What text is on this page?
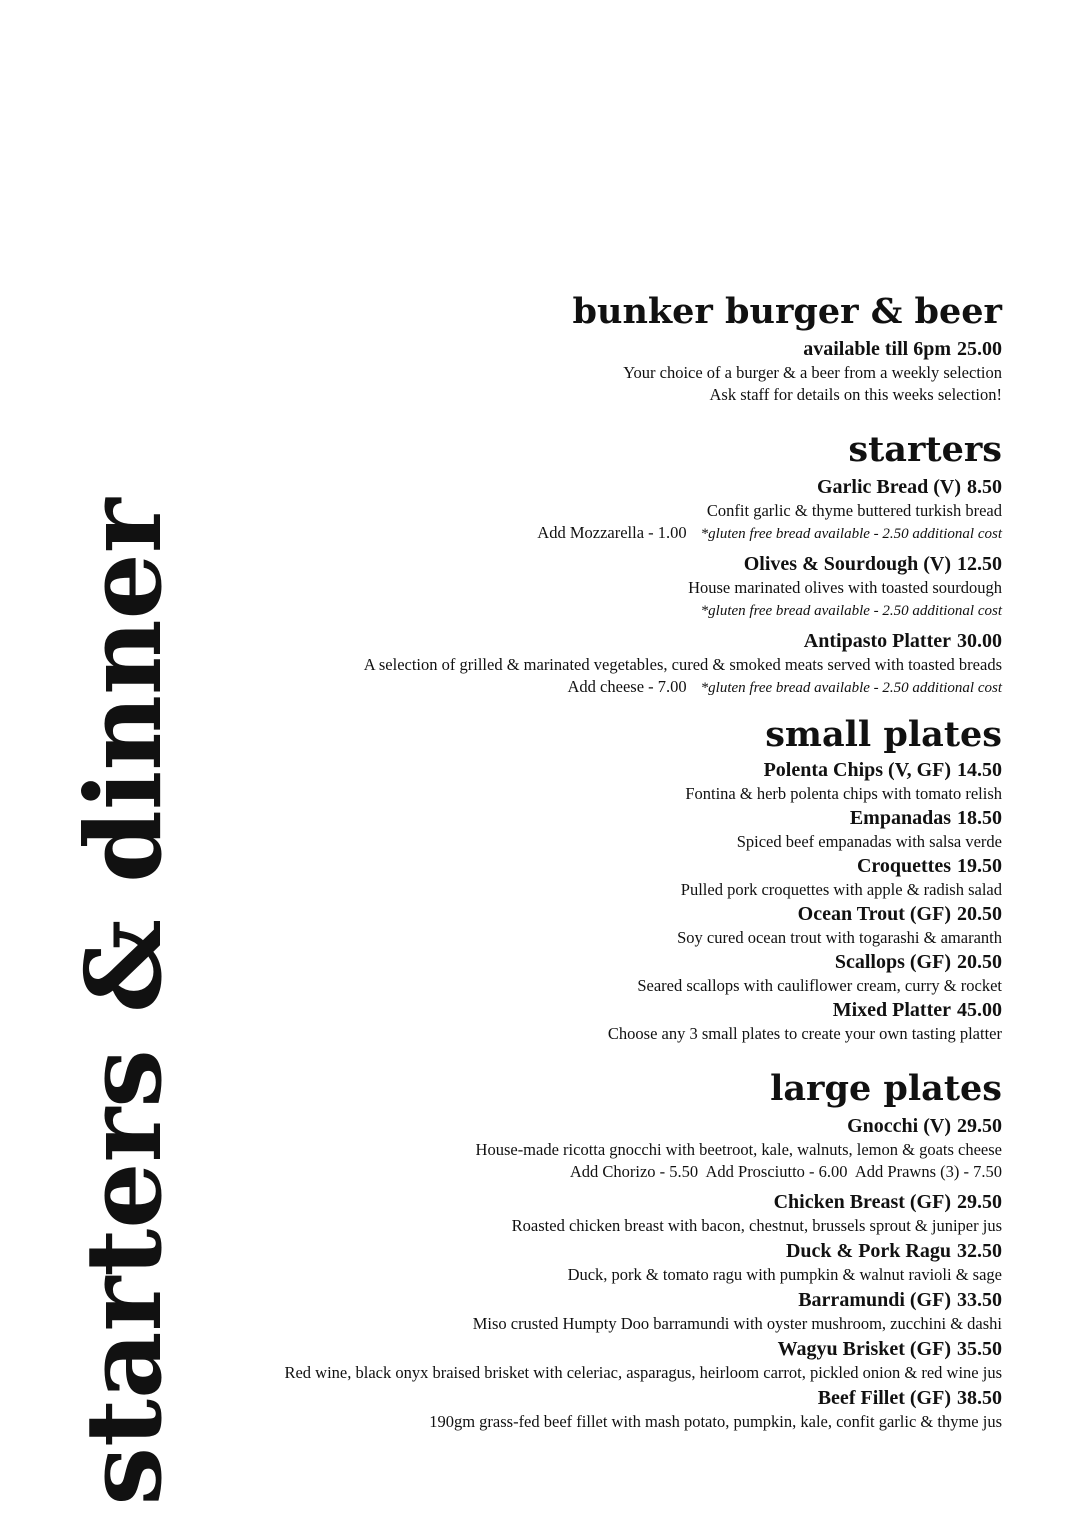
starters & dinner
bunker burger & beer
available till 6pm 25.00
Your choice of a burger & a beer from a weekly selection
Ask staff for details on this weeks selection!
starters
Garlic Bread (V) 8.50
Confit garlic & thyme buttered turkish bread
Add Mozzarella - 1.00 *gluten free bread available - 2.50 additional cost
Olives & Sourdough (V) 12.50
House marinated olives with toasted sourdough
*gluten free bread available - 2.50 additional cost
Antipasto Platter 30.00
A selection of grilled & marinated vegetables, cured & smoked meats served with toasted breads
Add cheese - 7.00 *gluten free bread available - 2.50 additional cost
small plates
Polenta Chips (V, GF) 14.50
Fontina & herb polenta chips with tomato relish
Empanadas 18.50
Spiced beef empanadas with salsa verde
Croquettes 19.50
Pulled pork croquettes with apple & radish salad
Ocean Trout (GF) 20.50
Soy cured ocean trout with togarashi & amaranth
Scallops (GF) 20.50
Seared scallops with cauliflower cream, curry & rocket
Mixed Platter 45.00
Choose any 3 small plates to create your own tasting platter
large plates
Gnocchi (V) 29.50
House-made ricotta gnocchi with beetroot, kale, walnuts, lemon & goats cheese
Add Chorizo - 5.50  Add Prosciutto - 6.00  Add Prawns (3) - 7.50
Chicken Breast (GF) 29.50
Roasted chicken breast with bacon, chestnut, brussels sprout & juniper jus
Duck & Pork Ragu 32.50
Duck, pork & tomato ragu with pumpkin & walnut ravioli & sage
Barramundi (GF) 33.50
Miso crusted Humpty Doo barramundi with oyster mushroom, zucchini & dashi
Wagyu Brisket (GF) 35.50
Red wine, black onyx braised brisket with celeriac, asparagus, heirloom carrot, pickled onion & red wine jus
Beef Fillet (GF) 38.50
190gm grass-fed beef fillet with mash potato, pumpkin, kale, confit garlic & thyme jus
